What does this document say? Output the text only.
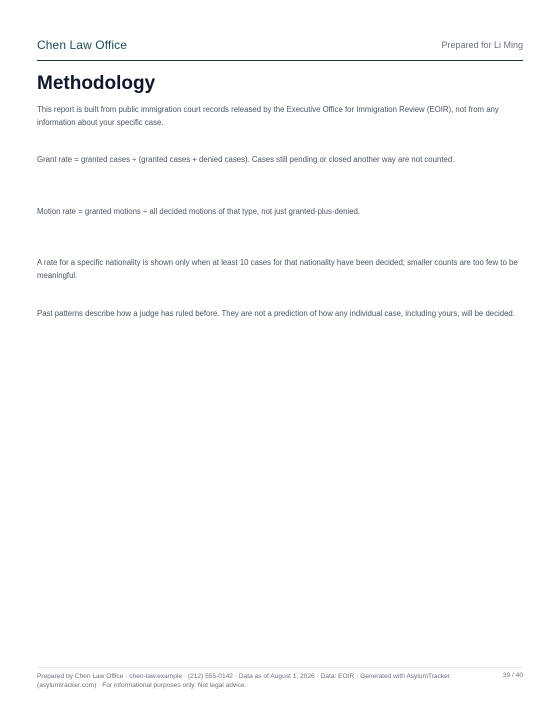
Chen Law Office	Prepared for Li Ming
Methodology

This report is built from public immigration court records released by the Executive Office for Immigration Review (EOIR), not from any information about your specific case.

Grant rate = granted cases ÷ (granted cases + denied cases). Cases still pending or closed another way are not counted.

Motion rate = granted motions ÷ all decided motions of that type, not just granted-plus-denied.

A rate for a specific nationality is shown only when at least 10 cases for that nationality have been decided; smaller counts are too few to be meaningful.

Past patterns describe how a judge has ruled before. They are not a prediction of how any individual case, including yours, will be decided.

Prepared by Chen Law Office · chen-law.example · (212) 555-0142 · Data as of August 1, 2026 · Data: EOIR · Generated with AsylumTracker (asylumtracker.com) · For informational purposes only. Not legal advice.
39 / 40
